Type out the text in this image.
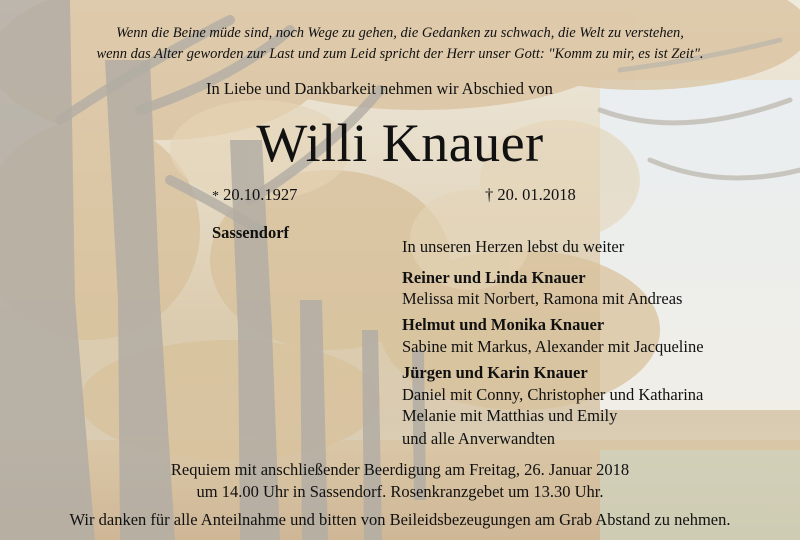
Wenn die Beine müde sind, noch Wege zu gehen, die Gedanken zu schwach, die Welt zu verstehen,
wenn das Alter geworden zur Last und zum Leid spricht der Herr unser Gott: "Komm zu mir, es ist Zeit".
In Liebe und Dankbarkeit nehmen wir Abschied von
Willi Knauer
* 20.10.1927	† 20. 01.2018
Sassendorf
In unseren Herzen lebst du weiter
Reiner und Linda Knauer
Melissa mit Norbert, Ramona mit Andreas
Helmut und Monika Knauer
Sabine mit Markus, Alexander mit Jacqueline
Jürgen und Karin Knauer
Daniel mit Conny, Christopher und Katharina
Melanie mit Matthias und Emily
und alle Anverwandten
Requiem mit anschließender Beerdigung am Freitag, 26. Januar 2018
um 14.00 Uhr in Sassendorf. Rosenkranzgebet um 13.30 Uhr.
Wir danken für alle Anteilnahme und bitten von Beileidsbezeugungen am Grab Abstand zu nehmen.
